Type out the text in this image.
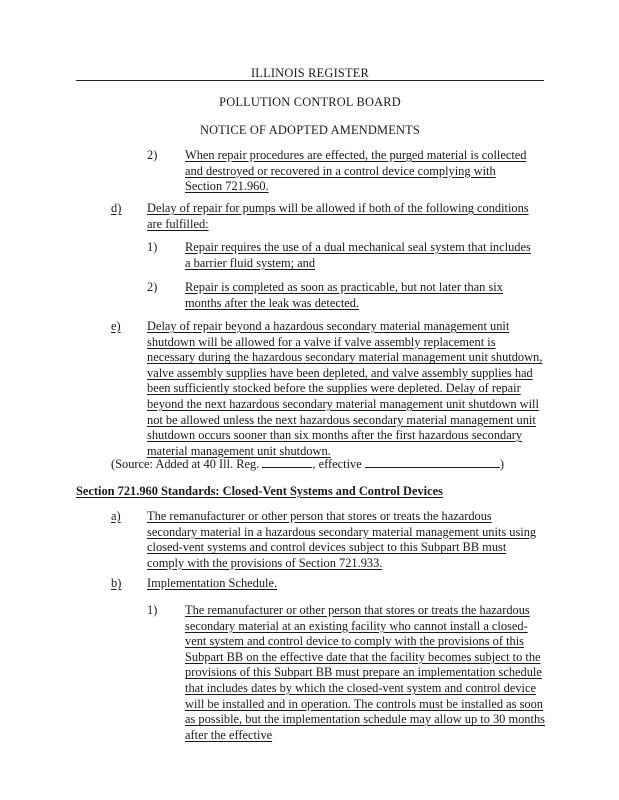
ILLINOIS REGISTER
POLLUTION CONTROL BOARD
NOTICE OF ADOPTED AMENDMENTS
2) When repair procedures are effected, the purged material is collected and destroyed or recovered in a control device complying with Section 721.960.
d) Delay of repair for pumps will be allowed if both of the following conditions are fulfilled:
1) Repair requires the use of a dual mechanical seal system that includes a barrier fluid system; and
2) Repair is completed as soon as practicable, but not later than six months after the leak was detected.
e) Delay of repair beyond a hazardous secondary material management unit shutdown will be allowed for a valve if valve assembly replacement is necessary during the hazardous secondary material management unit shutdown, valve assembly supplies have been depleted, and valve assembly supplies had been sufficiently stocked before the supplies were depleted. Delay of repair beyond the next hazardous secondary material management unit shutdown will not be allowed unless the next hazardous secondary material management unit shutdown occurs sooner than six months after the first hazardous secondary material management unit shutdown.
(Source: Added at 40 Ill. Reg.	, effective	)
Section 721.960 Standards: Closed-Vent Systems and Control Devices
a) The remanufacturer or other person that stores or treats the hazardous secondary material in a hazardous secondary material management units using closed-vent systems and control devices subject to this Subpart BB must comply with the provisions of Section 721.933.
b) Implementation Schedule.
1) The remanufacturer or other person that stores or treats the hazardous secondary material at an existing facility who cannot install a closed-vent system and control device to comply with the provisions of this Subpart BB on the effective date that the facility becomes subject to the provisions of this Subpart BB must prepare an implementation schedule that includes dates by which the closed-vent system and control device will be installed and in operation. The controls must be installed as soon as possible, but the implementation schedule may allow up to 30 months after the effective
